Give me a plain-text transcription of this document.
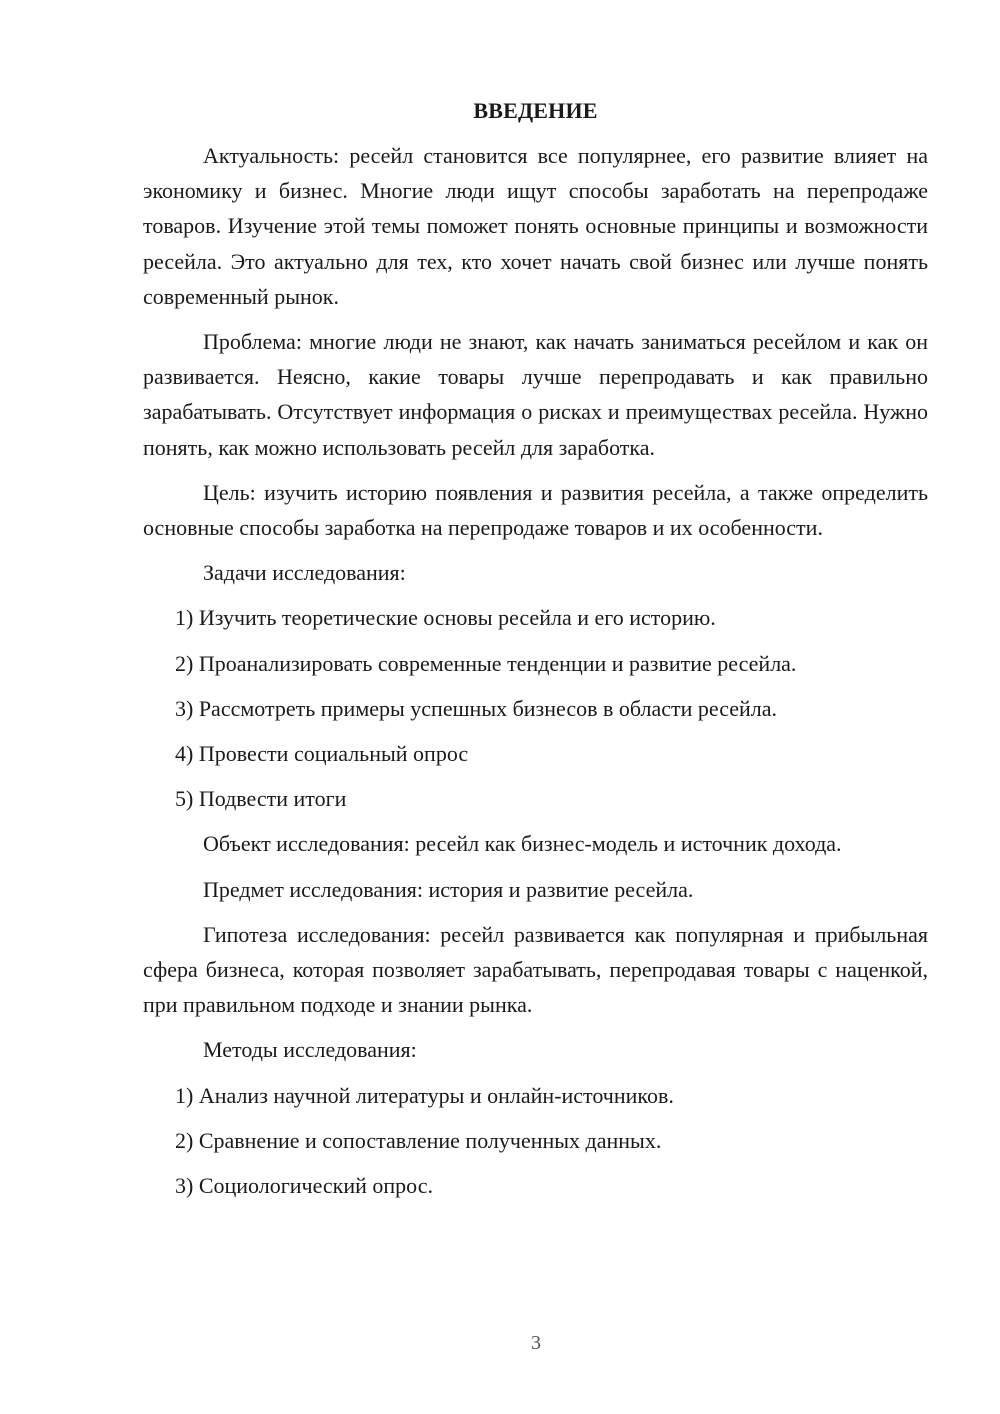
ВВЕДЕНИЕ

Актуальность: ресейл становится все популярнее, его развитие влияет на экономику и бизнес. Многие люди ищут способы заработать на перепродаже товаров. Изучение этой темы поможет понять основные принципы и возможности ресейла. Это актуально для тех, кто хочет начать свой бизнес или лучше понять современный рынок.

Проблема: многие люди не знают, как начать заниматься ресейлом и как он развивается. Неясно, какие товары лучше перепродавать и как правильно зарабатывать. Отсутствует информация о рисках и преимуществах ресейла. Нужно понять, как можно использовать ресейл для заработка.

Цель: изучить историю появления и развития ресейла, а также определить основные способы заработка на перепродаже товаров и их особенности.

Задачи исследования:

1) Изучить теоретические основы ресейла и его историю.
2) Проанализировать современные тенденции и развитие ресейла.
3) Рассмотреть примеры успешных бизнесов в области ресейла.
4) Провести социальный опрос
5) Подвести итоги

Объект исследования: ресейл как бизнес-модель и источник дохода.

Предмет исследования: история и развитие ресейла.

Гипотеза исследования: ресейл развивается как популярная и прибыльная сфера бизнеса, которая позволяет зарабатывать, перепродавая товары с наценкой, при правильном подходе и знании рынка.

Методы исследования:

1) Анализ научной литературы и онлайн-источников.
2) Сравнение и сопоставление полученных данных.
3) Социологический опрос.
3
